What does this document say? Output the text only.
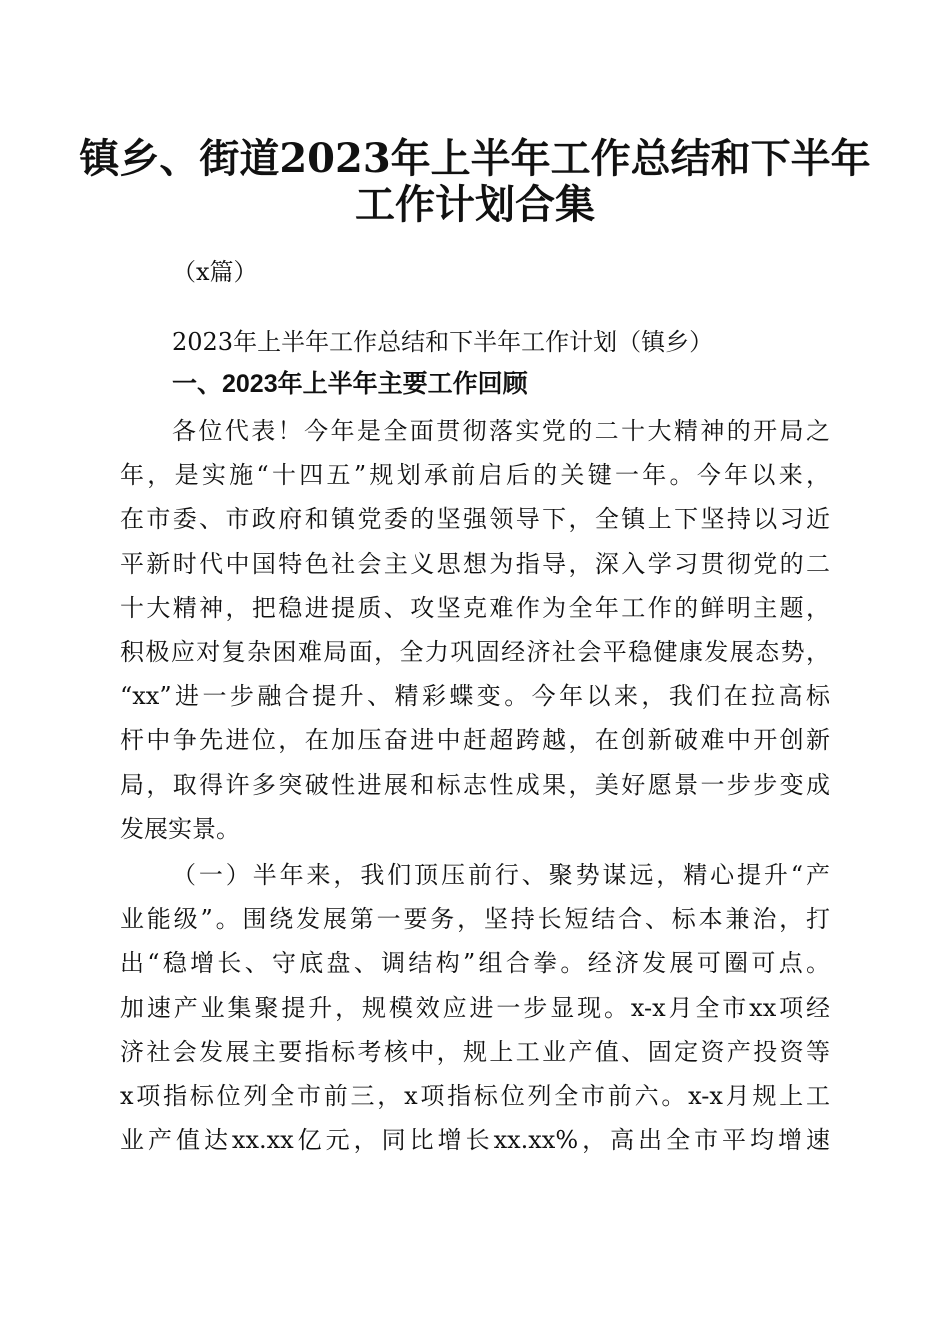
镇乡、街道2023年上半年工作总结和下半年
工作计划合集
（x篇）
2023年上半年工作总结和下半年工作计划（镇乡）
一、2023年上半年主要工作回顾
各位代表！今年是全面贯彻落实党的二十大精神的开局之
年，是实施“十四五”规划承前启后的关键一年。今年以来，
在市委、市政府和镇党委的坚强领导下，全镇上下坚持以习近
平新时代中国特色社会主义思想为指导，深入学习贯彻党的二
十大精神，把稳进提质、攻坚克难作为全年工作的鲜明主题，
积极应对复杂困难局面，全力巩固经济社会平稳健康发展态势，
“xx”进一步融合提升、精彩蝶变。今年以来，我们在拉高标
杆中争先进位，在加压奋进中赶超跨越，在创新破难中开创新
局，取得许多突破性进展和标志性成果，美好愿景一步步变成
发展实景。
（一）半年来，我们顶压前行、聚势谋远，精心提升“产
业能级”。围绕发展第一要务，坚持长短结合、标本兼治，打
出“稳增长、守底盘、调结构”组合拳。经济发展可圈可点。
加速产业集聚提升，规模效应进一步显现。x-x月全市xx项经
济社会发展主要指标考核中，规上工业产值、固定资产投资等
x项指标位列全市前三，x项指标位列全市前六。x-x月规上工
业产值达xx.xx亿元，同比增长xx.xx%，高出全市平均增速
